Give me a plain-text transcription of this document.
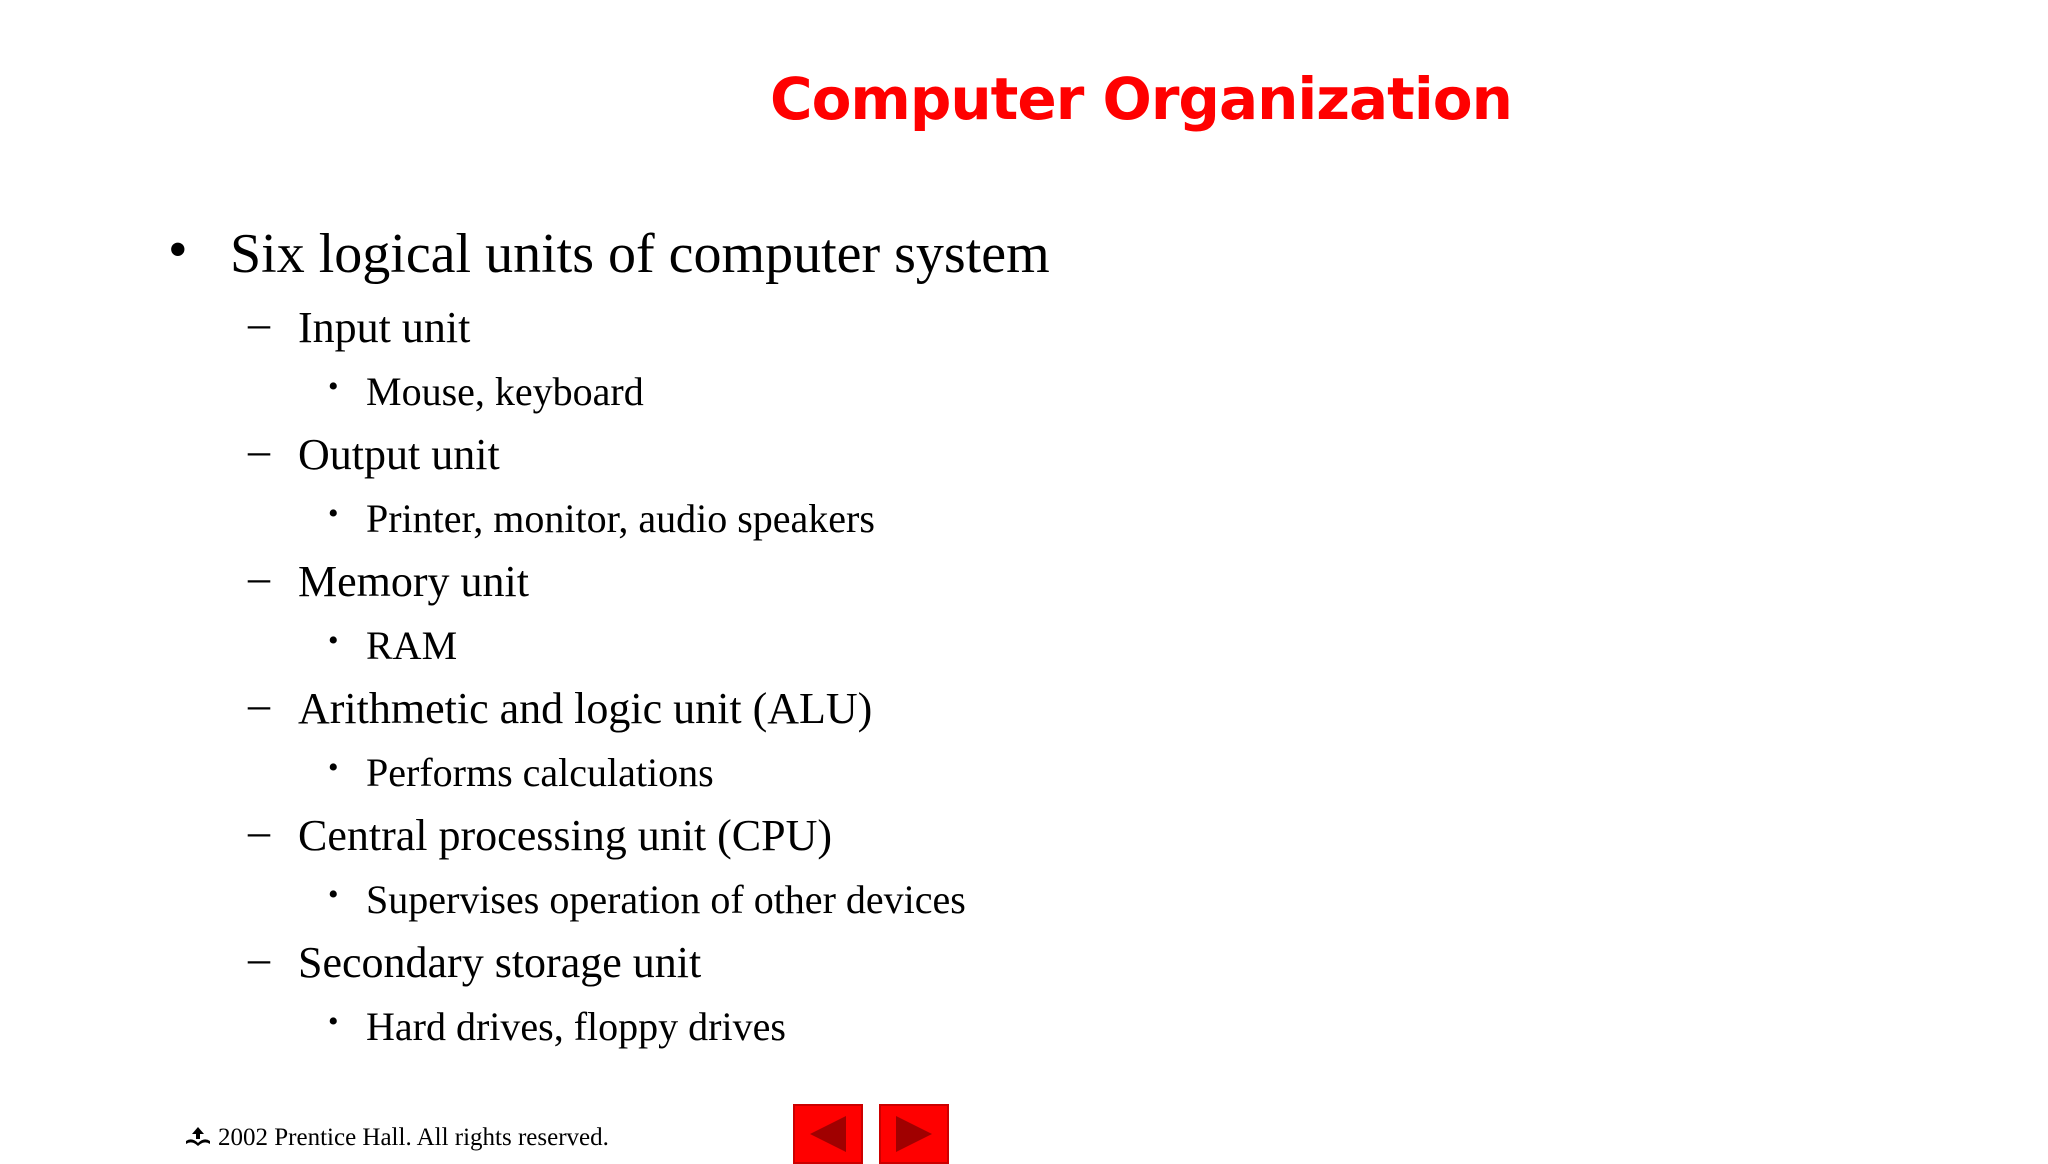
Computer Organization
• Six logical units of computer system
– Input unit
• Mouse, keyboard
– Output unit
• Printer, monitor, audio speakers
– Memory unit
• RAM
– Arithmetic and logic unit (ALU)
• Performs calculations
– Central processing unit (CPU)
• Supervises operation of other devices
– Secondary storage unit
• Hard drives, floppy drives
2002 Prentice Hall. All rights reserved.
